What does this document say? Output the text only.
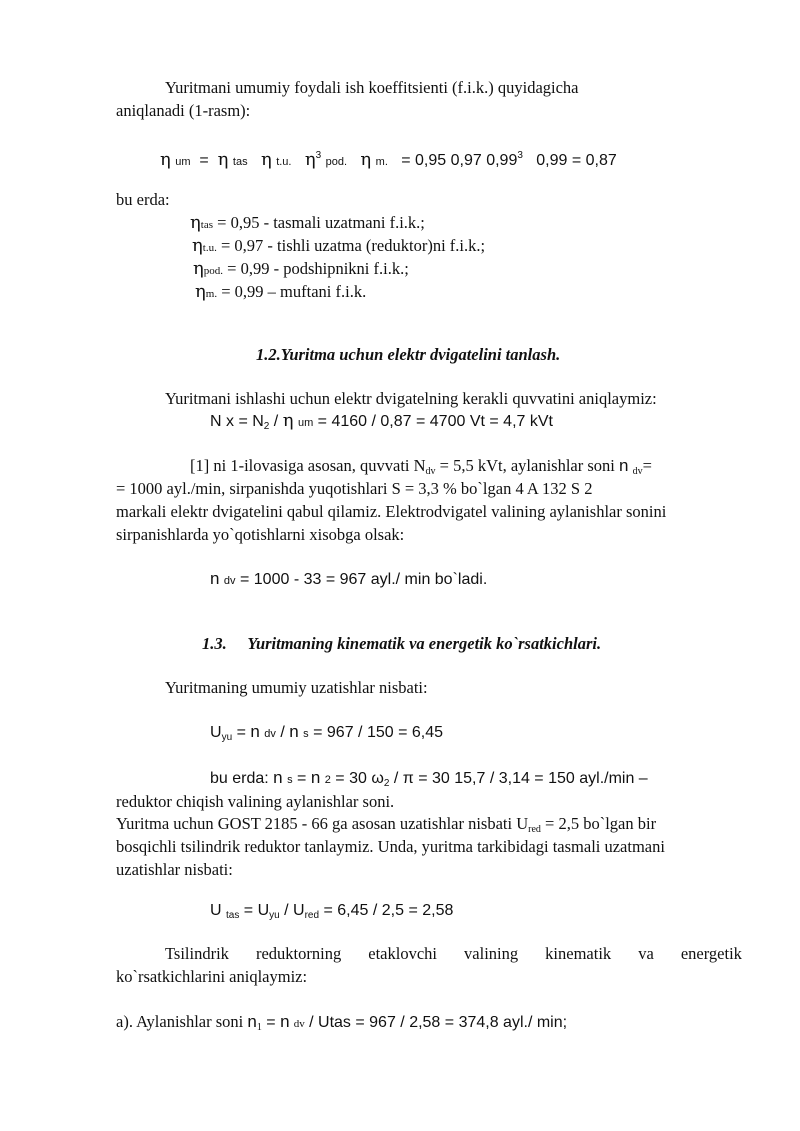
Yuritmani umumiy foydali ish koeffitsienti (f.i.k.) quyidagicha
aniqlanadi (1-rasm):
η um = η tas η t.u. $\eta^3$ pod. η m. = 0,95 0,97 0,99$^3$ 0,99 = 0,87
bu erda:
ηtas = 0,95 - tasmali uzatmani f.i.k.;
ηt.u. = 0,97 - tishli uzatma (reduktor)ni f.i.k.;
ηpod. = 0,99 - podshipnikni f.i.k.;
ηm. = 0,99 – muftani f.i.k.
1.2.Yuritma uchun elektr dvigatelini tanlash.
Yuritmani ishlashi uchun elektr dvigatelning kerakli quvvatini aniqlaymiz:
N x = N2 / η um = 4160 / 0,87 = 4700 Vt = 4,7 kVt
[1] ni 1-ilovasiga asosan, quvvati Ndv = 5,5 kVt, aylanishlar soni n dv=
= 1000 ayl./min, sirpanishda yuqotishlari S = 3,3 % bo`lgan 4 A 132 S 2
markali elektr dvigatelini qabul qilamiz. Elektrodvigatel valining aylanishlar sonini
sirpanishlarda yo`qotishlarni xisobga olsak:
n dv = 1000 - 33 = 967 ayl./ min bo`ladi.
1.3. Yuritmaning kinematik va energetik ko`rsatkichlari.
Yuritmaning umumiy uzatishlar nisbati:
Uyu = n dv / n s = 967 / 150 = 6,45
bu erda: n s = n 2 = 30 ω2 / π = 30 15,7 / 3,14 = 150 ayl./min –
reduktor chiqish valining aylanishlar soni.
Yuritma uchun GOST 2185 - 66 ga asosan uzatishlar nisbati Ured = 2,5 bo`lgan bir
bosqichli tsilindrik reduktor tanlaymiz. Unda, yuritma tarkibidagi tasmali uzatmani
uzatishlar nisbati:
U tas = Uyu / Ured = 6,45 / 2,5 = 2,58
Tsilindrik reduktorning etaklovchi valining kinematik va energetik
ko`rsatkichlarini aniqlaymiz:
a). Aylanishlar soni n1 = n dv / Utas = 967 / 2,58 = 374,8 ayl./ min;
